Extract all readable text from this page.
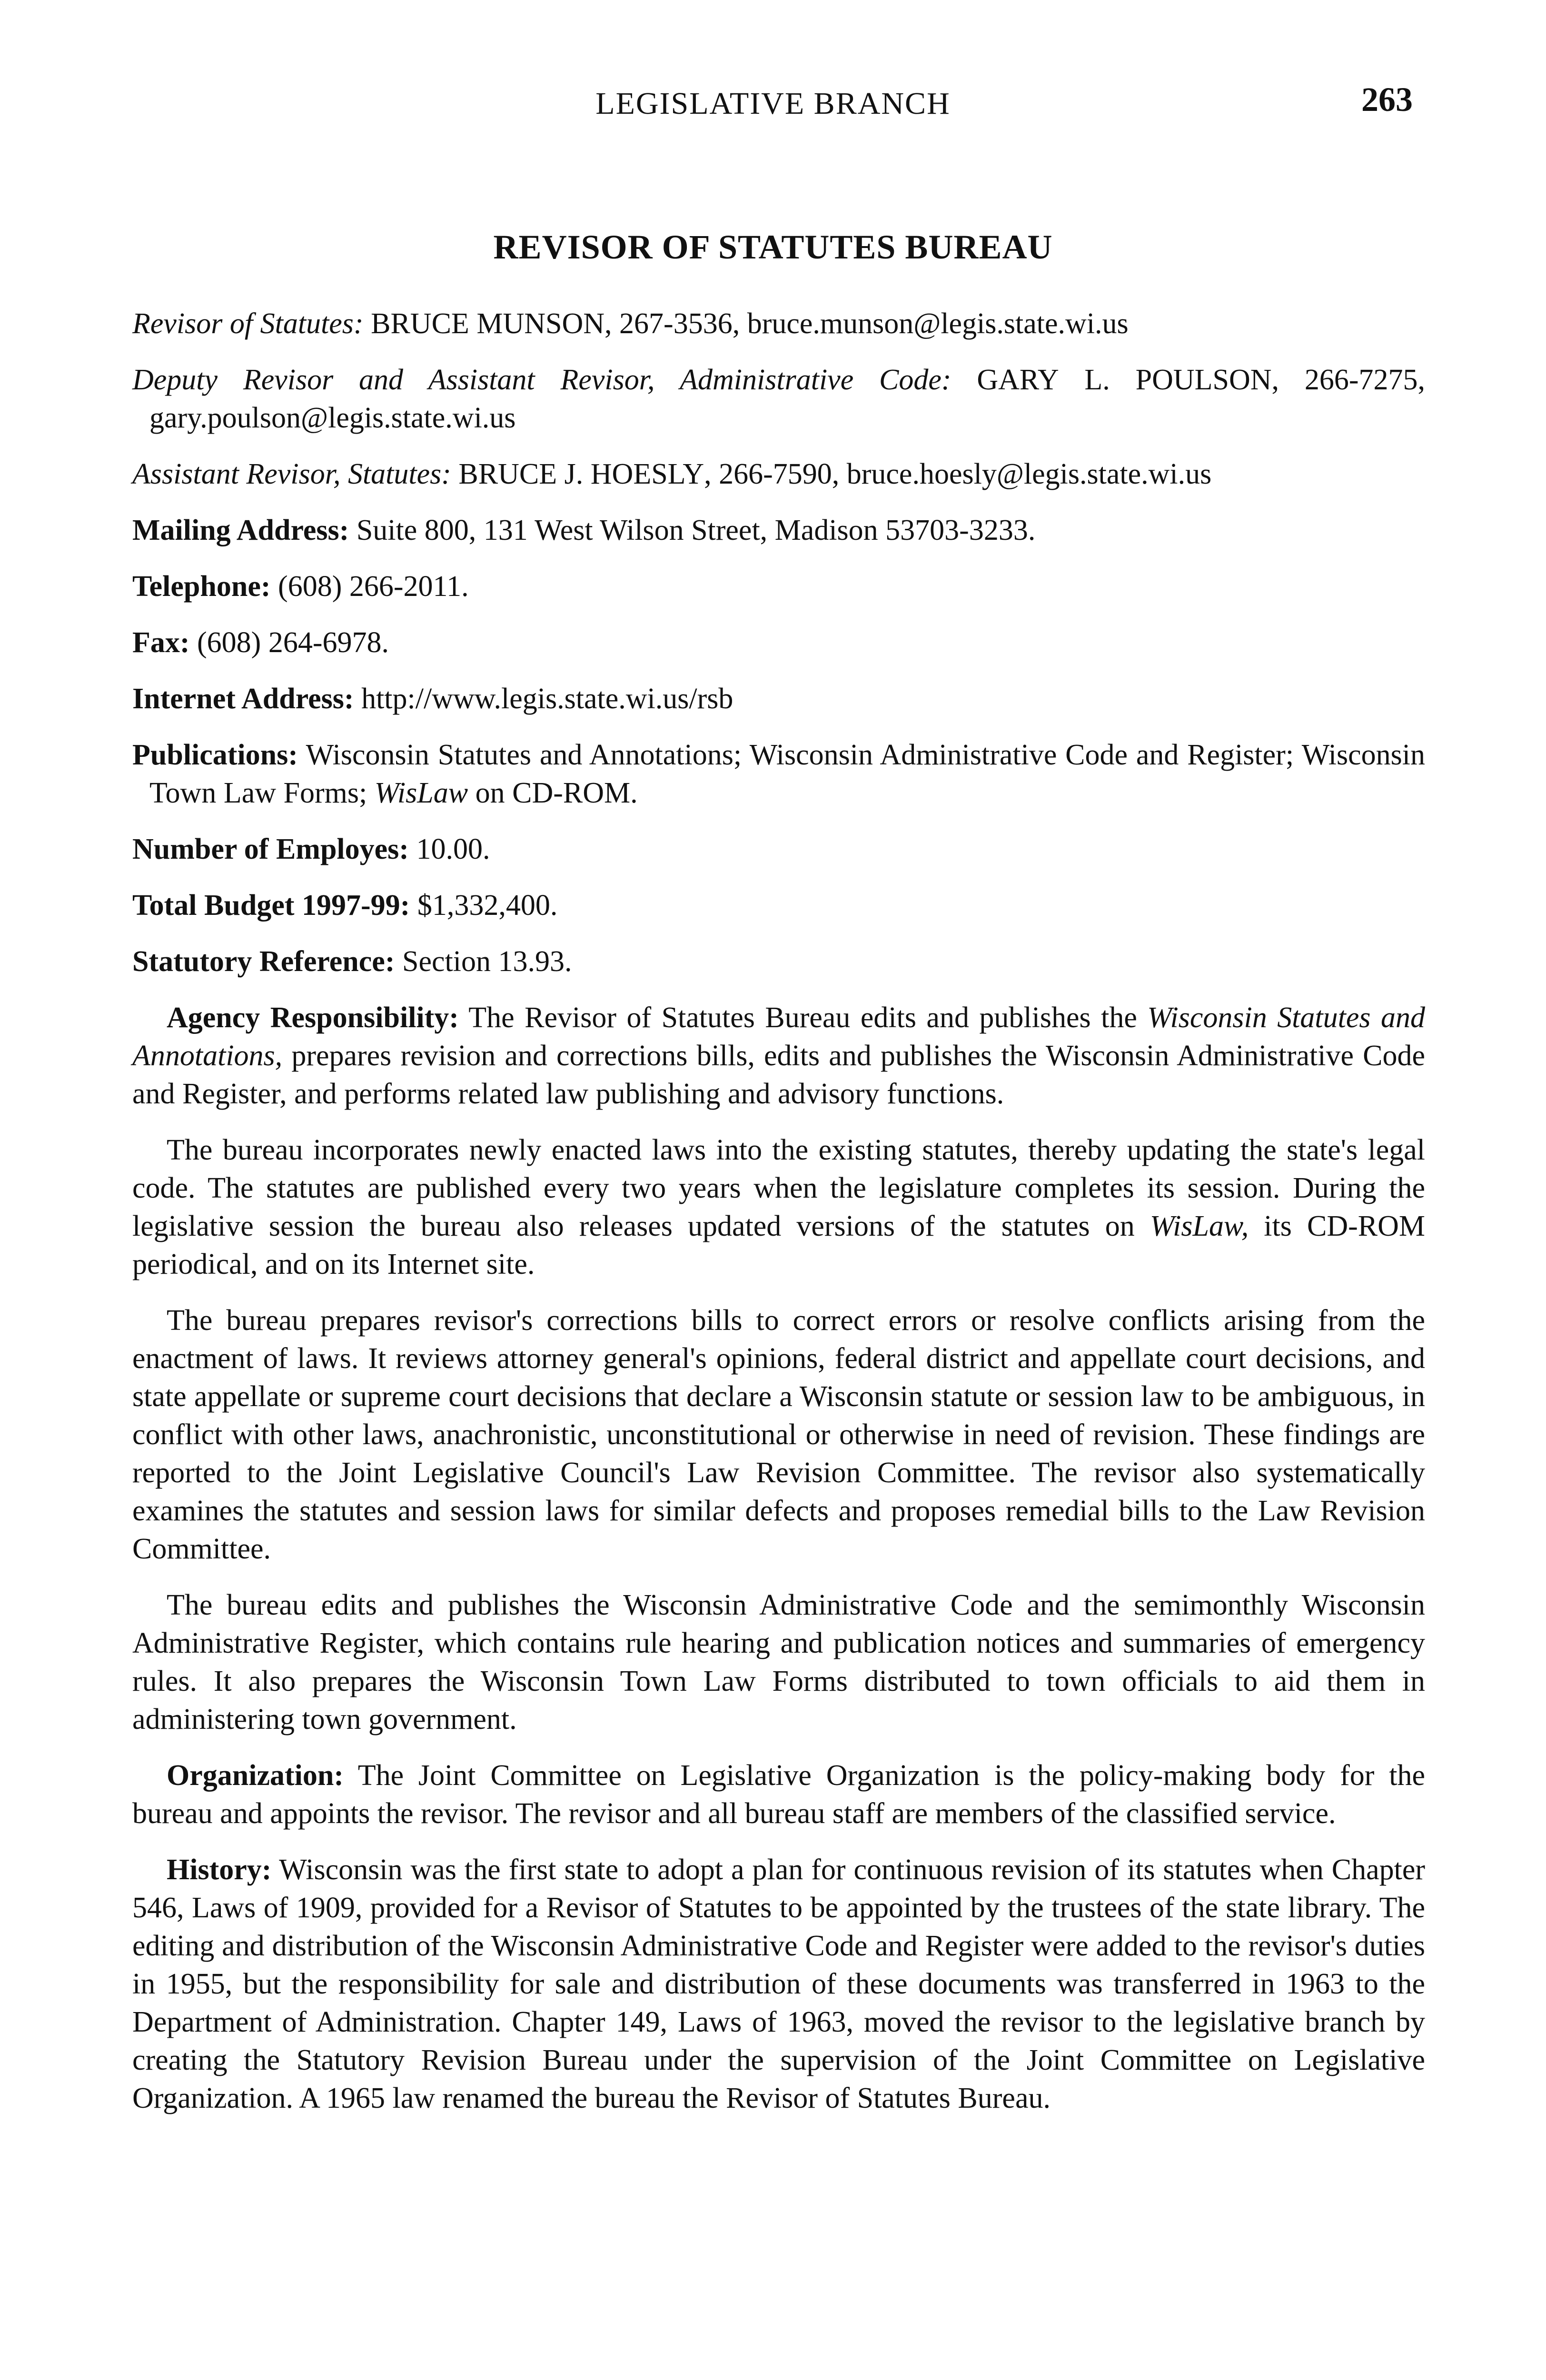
LEGISLATIVE BRANCH	263
REVISOR OF STATUTES BUREAU

Revisor of Statutes: BRUCE MUNSON, 267-3536, bruce.munson@legis.state.wi.us

Deputy Revisor and Assistant Revisor, Administrative Code: GARY L. POULSON, 266-7275, gary.poulson@legis.state.wi.us

Assistant Revisor, Statutes: BRUCE J. HOESLY, 266-7590, bruce.hoesly@legis.state.wi.us

Mailing Address: Suite 800, 131 West Wilson Street, Madison 53703-3233.

Telephone: (608) 266-2011.

Fax: (608) 264-6978.

Internet Address: http://www.legis.state.wi.us/rsb

Publications: Wisconsin Statutes and Annotations; Wisconsin Administrative Code and Register; Wisconsin Town Law Forms; WisLaw on CD-ROM.

Number of Employes: 10.00.

Total Budget 1997-99: $1,332,400.

Statutory Reference: Section 13.93.

Agency Responsibility: The Revisor of Statutes Bureau edits and publishes the Wisconsin Statutes and Annotations, prepares revision and corrections bills, edits and publishes the Wisconsin Administrative Code and Register, and performs related law publishing and advisory functions.

The bureau incorporates newly enacted laws into the existing statutes, thereby updating the state's legal code. The statutes are published every two years when the legislature completes its session. During the legislative session the bureau also releases updated versions of the statutes on WisLaw, its CD-ROM periodical, and on its Internet site.

The bureau prepares revisor's corrections bills to correct errors or resolve conflicts arising from the enactment of laws. It reviews attorney general's opinions, federal district and appellate court decisions, and state appellate or supreme court decisions that declare a Wisconsin statute or session law to be ambiguous, in conflict with other laws, anachronistic, unconstitutional or otherwise in need of revision. These findings are reported to the Joint Legislative Council's Law Revision Committee. The revisor also systematically examines the statutes and session laws for similar defects and proposes remedial bills to the Law Revision Committee.

The bureau edits and publishes the Wisconsin Administrative Code and the semimonthly Wisconsin Administrative Register, which contains rule hearing and publication notices and summaries of emergency rules. It also prepares the Wisconsin Town Law Forms distributed to town officials to aid them in administering town government.

Organization: The Joint Committee on Legislative Organization is the policy-making body for the bureau and appoints the revisor. The revisor and all bureau staff are members of the classified service.

History: Wisconsin was the first state to adopt a plan for continuous revision of its statutes when Chapter 546, Laws of 1909, provided for a Revisor of Statutes to be appointed by the trustees of the state library. The editing and distribution of the Wisconsin Administrative Code and Register were added to the revisor's duties in 1955, but the responsibility for sale and distribution of these documents was transferred in 1963 to the Department of Administration. Chapter 149, Laws of 1963, moved the revisor to the legislative branch by creating the Statutory Revision Bureau under the supervision of the Joint Committee on Legislative Organization. A 1965 law renamed the bureau the Revisor of Statutes Bureau.
